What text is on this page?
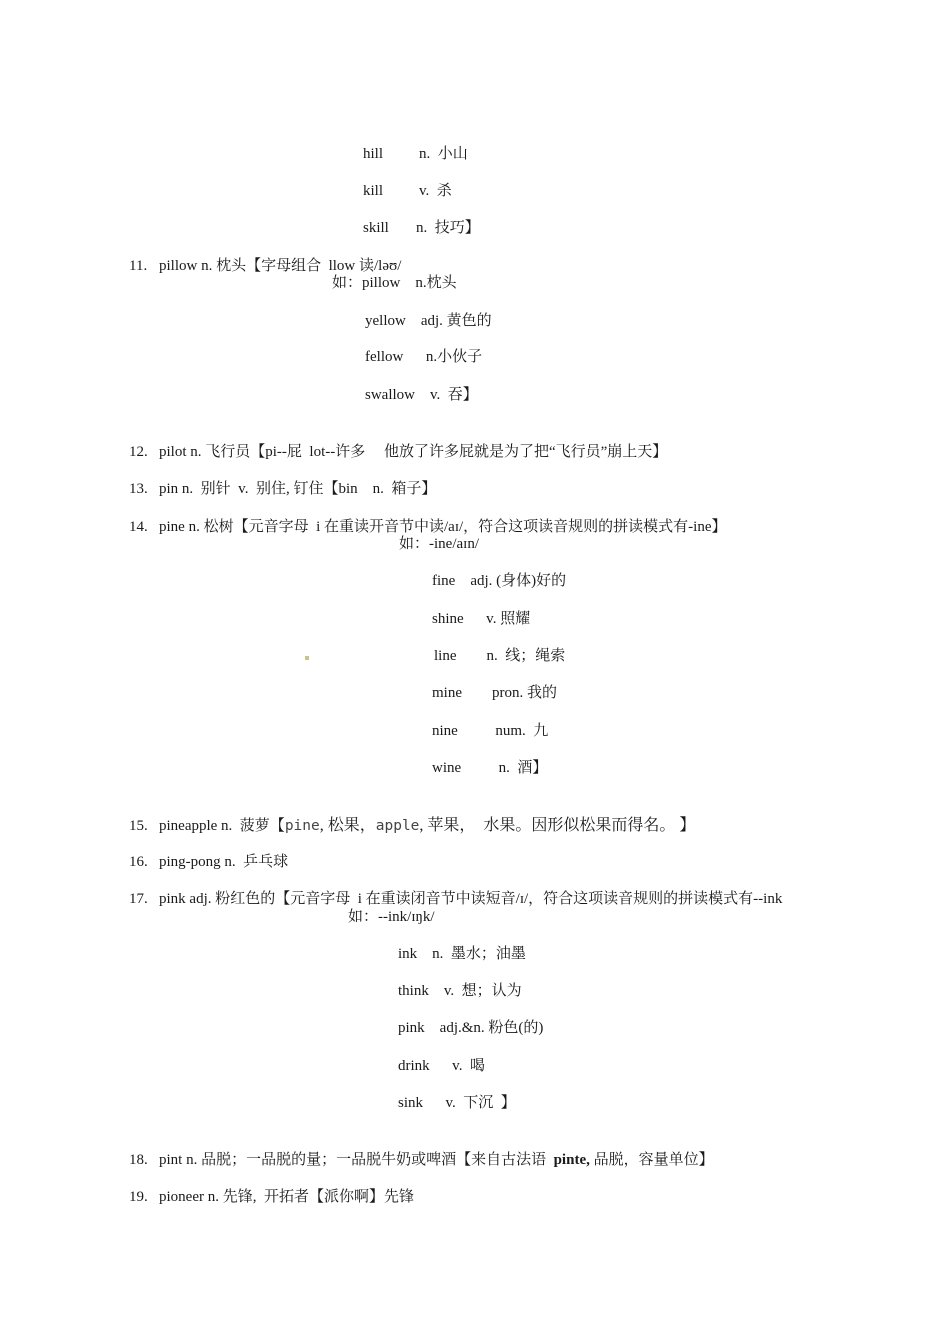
hill n.  小山

kill v.  杀

skill n.  技巧】

11. pillow n. 枕头【字母组合  llow 读/ləʊ/

如：pillow    n.枕头
yellow    adj. 黄色的
fellow      n.小伙子
swallow    v.  吞】

12. pilot n. 飞行员【pi--屁  lot--许多     他放了许多屁就是为了把“飞行员”崩上天】

13. pin n.  别针  v.  别住, 钉住【bin    n.  箱子】

14. pine n. 松树【元音字母  i 在重读开音节中读/aɪ/，符合这项读音规则的拼读模式有-ine】

如：-ine/aɪn/
fine    adj. (身体)好的
shine      v. 照耀
line        n.  线；绳索
mine        pron. 我的
nine          num.  九
wine          n.  酒】

15. pineapple n.  菠萝【pine, 松果，apple, 苹果，  水果。因形似松果而得名。 】

16. ping-pong n.  乒乓球

17. pink adj. 粉红色的【元音字母  i 在重读闭音节中读短音/ɪ/，符合这项读音规则的拼读模式有--ink

如：--ink/ɪŋk/
ink    n.  墨水；油墨
think    v.  想；认为
pink    adj.&n. 粉色(的)
drink      v.  喝
sink      v.  下沉  】

18. pint n. 品脱；一品脱的量；一品脱牛奶或啤酒【来自古法语  pinte, 品脱，容量单位】

19. pioneer n. 先锋,  开拓者【派你啊】先锋
